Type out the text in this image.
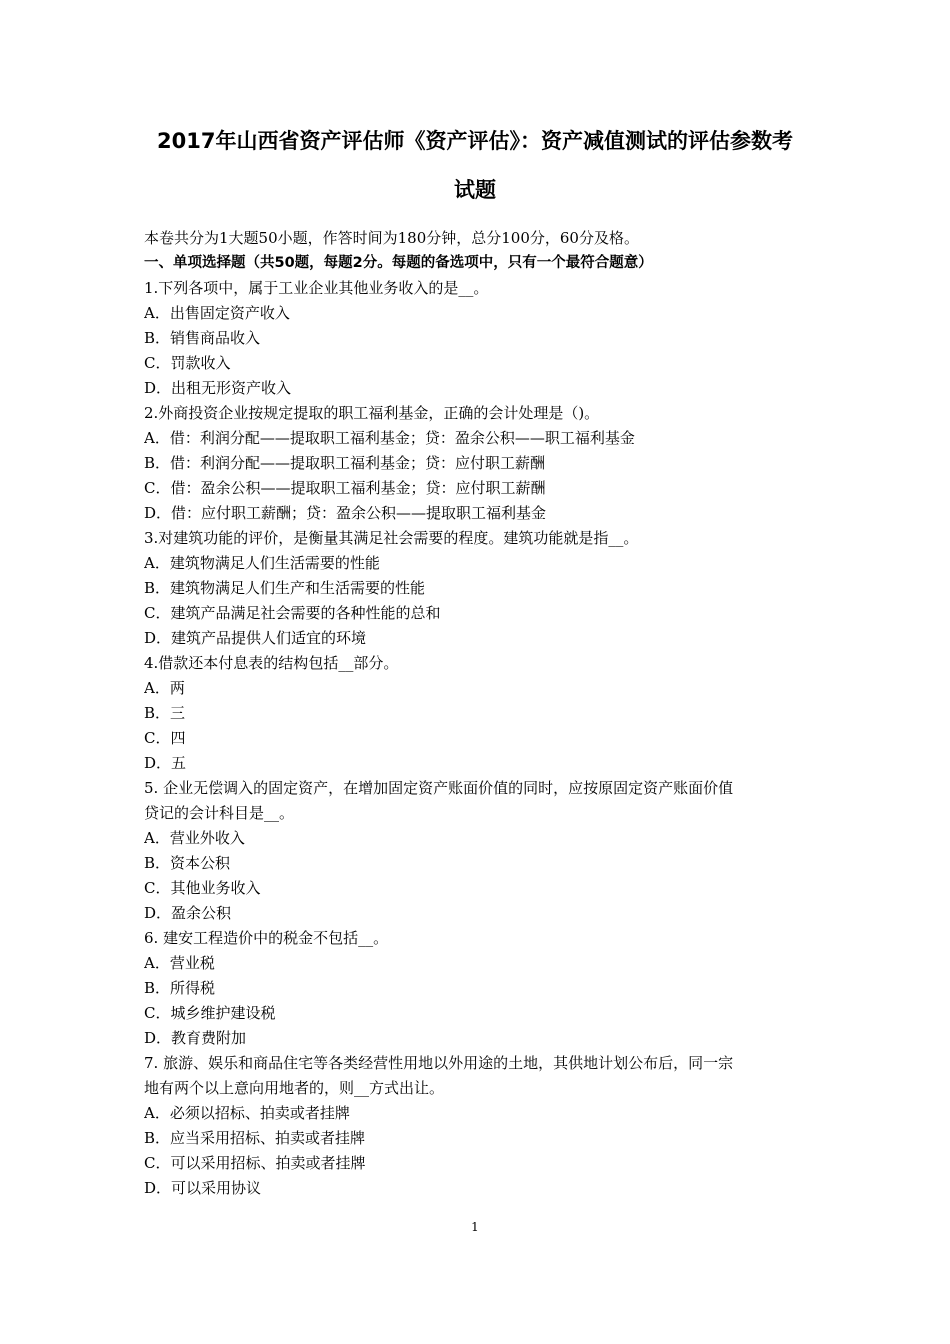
2017年山西省资产评估师《资产评估》：资产减值测试的评估参数考
试题
本卷共分为1大题50小题，作答时间为180分钟，总分100分，60分及格。
一、单项选择题（共50题，每题2分。每题的备选项中，只有一个最符合题意）
1.下列各项中，属于工业企业其他业务收入的是__。
A．出售固定资产收入
B．销售商品收入
C．罚款收入
D．出租无形资产收入
2.外商投资企业按规定提取的职工福利基金，正确的会计处理是（)。
A．借：利润分配——提取职工福利基金；贷：盈余公积——职工福利基金
B．借：利润分配——提取职工福利基金；贷：应付职工薪酬
C．借：盈余公积——提取职工福利基金；贷：应付职工薪酬
D．借：应付职工薪酬；贷：盈余公积——提取职工福利基金
3.对建筑功能的评价，是衡量其满足社会需要的程度。建筑功能就是指__。
A．建筑物满足人们生活需要的性能
B．建筑物满足人们生产和生活需要的性能
C．建筑产品满足社会需要的各种性能的总和
D．建筑产品提供人们适宜的环境
4.借款还本付息表的结构包括__部分。
A．两
B．三
C．四
D．五
5. 企业无偿调入的固定资产，在增加固定资产账面价值的同时，应按原固定资产账面价值
贷记的会计科目是__。
A．营业外收入
B．资本公积
C．其他业务收入
D．盈余公积
6. 建安工程造价中的税金不包括__。
A．营业税
B．所得税
C．城乡维护建设税
D．教育费附加
7. 旅游、娱乐和商品住宅等各类经营性用地以外用途的土地，其供地计划公布后，同一宗
地有两个以上意向用地者的，则__方式出让。
A．必须以招标、拍卖或者挂牌
B．应当采用招标、拍卖或者挂牌
C．可以采用招标、拍卖或者挂牌
D．可以采用协议
1
